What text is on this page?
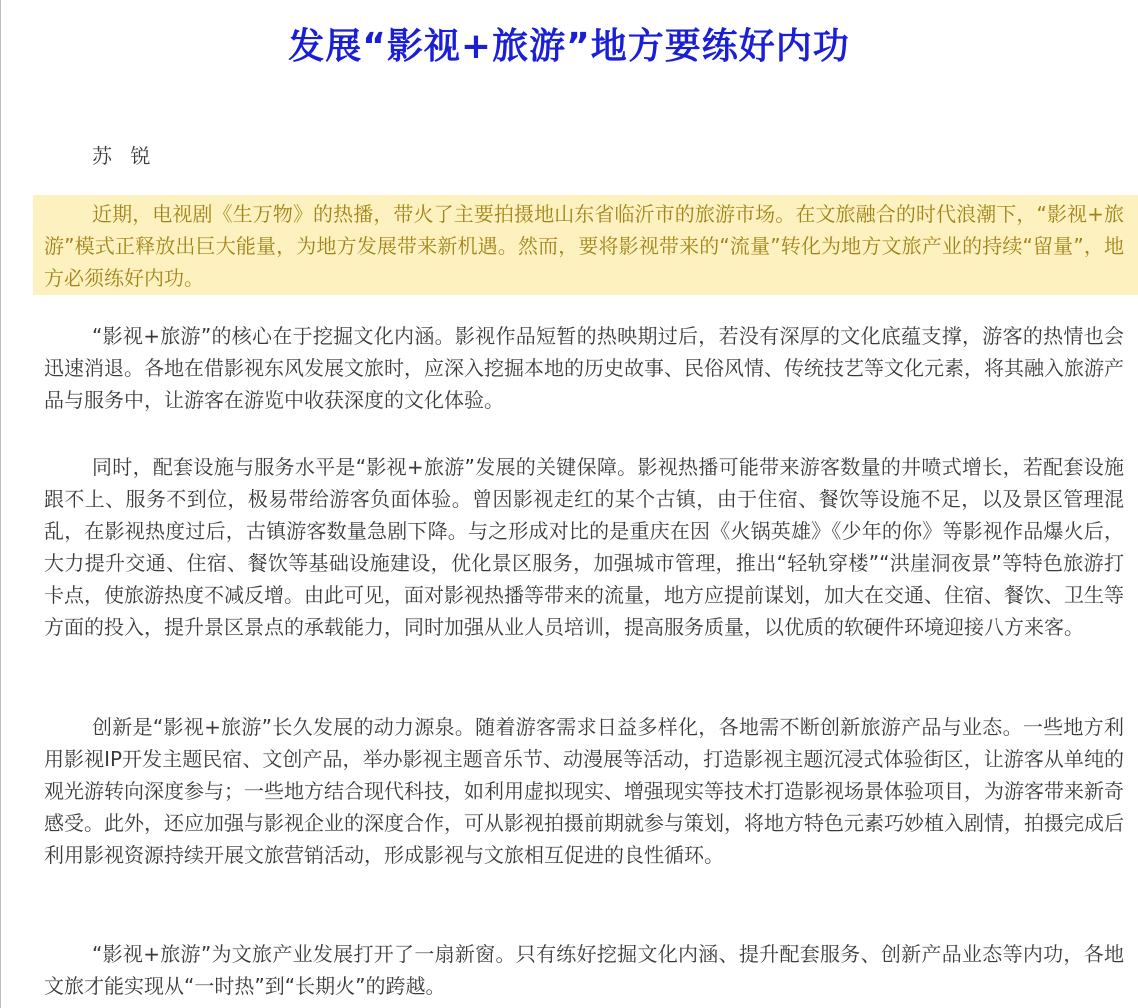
发展“影视+旅游”地方要练好内功
苏 锐

近期，电视剧《生万物》的热播，带火了主要拍摄地山东省临沂市的旅游市场。在文旅融合的时代浪潮下，“影视+旅游”模式正释放出巨大能量，为地方发展带来新机遇。然而，要将影视带来的“流量”转化为地方文旅产业的持续“留量”，地方必须练好内功。

“影视+旅游”的核心在于挖掘文化内涵。影视作品短暂的热映期过后，若没有深厚的文化底蕴支撑，游客的热情也会迅速消退。各地在借影视东风发展文旅时，应深入挖掘本地的历史故事、民俗风情、传统技艺等文化元素，将其融入旅游产品与服务中，让游客在游览中收获深度的文化体验。

同时，配套设施与服务水平是“影视+旅游”发展的关键保障。影视热播可能带来游客数量的井喷式增长，若配套设施跟不上、服务不到位，极易带给游客负面体验。曾因影视走红的某个古镇，由于住宿、餐饮等设施不足，以及景区管理混乱，在影视热度过后，古镇游客数量急剧下降。与之形成对比的是重庆在因《火锅英雄》《少年的你》等影视作品爆火后，大力提升交通、住宿、餐饮等基础设施建设，优化景区服务，加强城市管理，推出“轻轨穿楼”“洪崖洞夜景”等特色旅游打卡点，使旅游热度不减反增。由此可见，面对影视热播等带来的流量，地方应提前谋划，加大在交通、住宿、餐饮、卫生等方面的投入，提升景区景点的承载能力，同时加强从业人员培训，提高服务质量，以优质的软硬件环境迎接八方来客。

创新是“影视+旅游”长久发展的动力源泉。随着游客需求日益多样化，各地需不断创新旅游产品与业态。一些地方利用影视IP开发主题民宿、文创产品，举办影视主题音乐节、动漫展等活动，打造影视主题沉浸式体验街区，让游客从单纯的观光游转向深度参与；一些地方结合现代科技，如利用虚拟现实、增强现实等技术打造影视场景体验项目，为游客带来新奇感受。此外，还应加强与影视企业的深度合作，可从影视拍摄前期就参与策划，将地方特色元素巧妙植入剧情，拍摄完成后利用影视资源持续开展文旅营销活动，形成影视与文旅相互促进的良性循环。

“影视+旅游”为文旅产业发展打开了一扇新窗。只有练好挖掘文化内涵、提升配套服务、创新产品业态等内功，各地文旅才能实现从“一时热”到“长期火”的跨越。
